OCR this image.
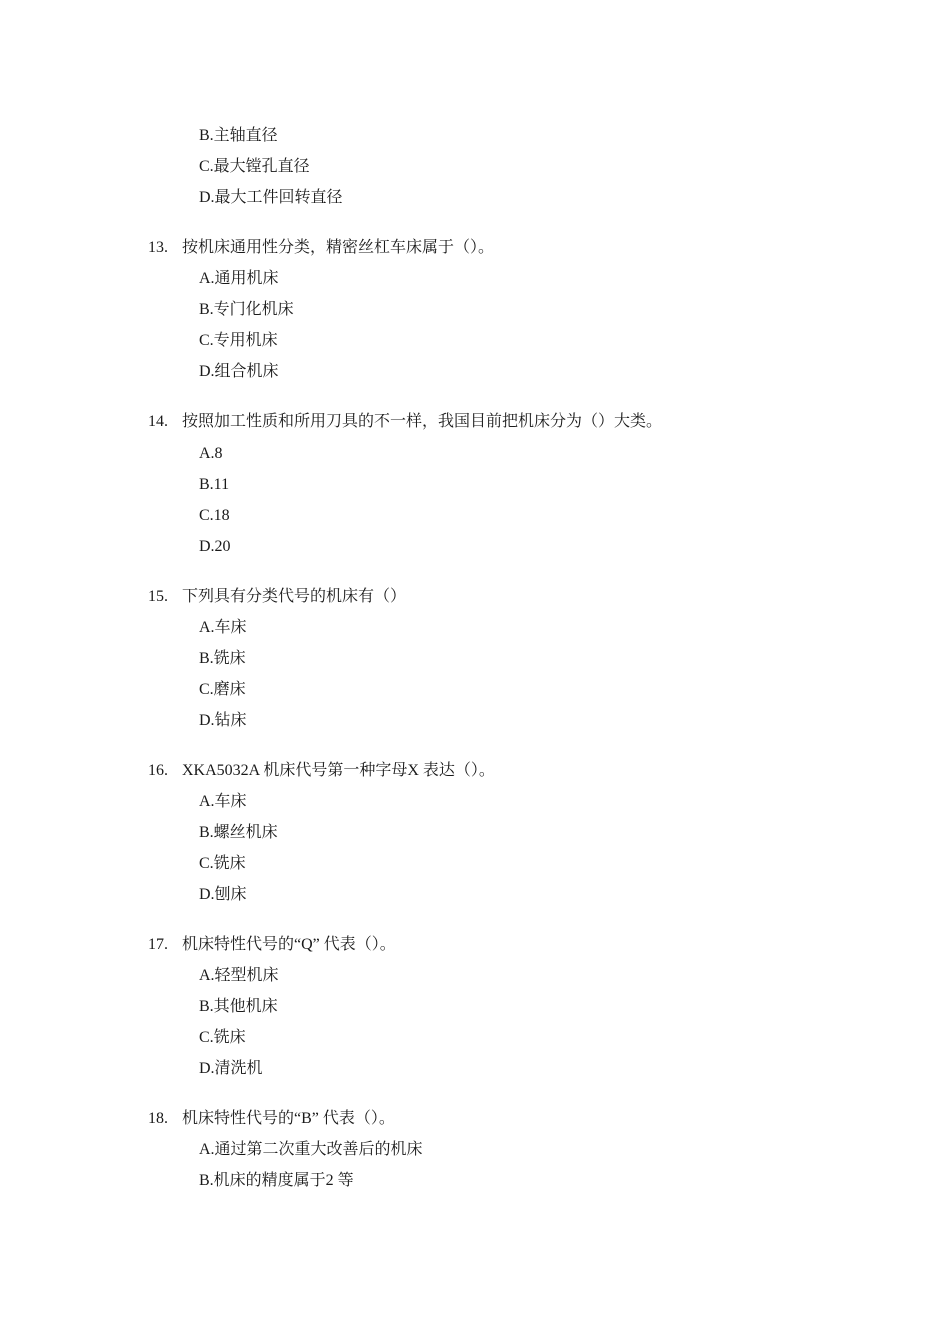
B.主轴直径
C.最大镗孔直径
D.最大工件回转直径
13. 按机床通用性分类，精密丝杠车床属于（）。
A.通用机床
B.专门化机床
C.专用机床
D.组合机床
14. 按照加工性质和所用刀具的不一样，我国目前把机床分为（）大类。
A.8
B.11
C.18
D.20
15. 下列具有分类代号的机床有（）
A.车床
B.铣床
C.磨床
D.钻床
16. XKA5032A 机床代号第一种字母X 表达（）。
A.车床
B.螺丝机床
C.铣床
D.刨床
17. 机床特性代号的“Q” 代表（）。
A.轻型机床
B.其他机床
C.铣床
D.清洗机
18. 机床特性代号的“B” 代表（）。
A.通过第二次重大改善后的机床
B.机床的精度属于2 等
